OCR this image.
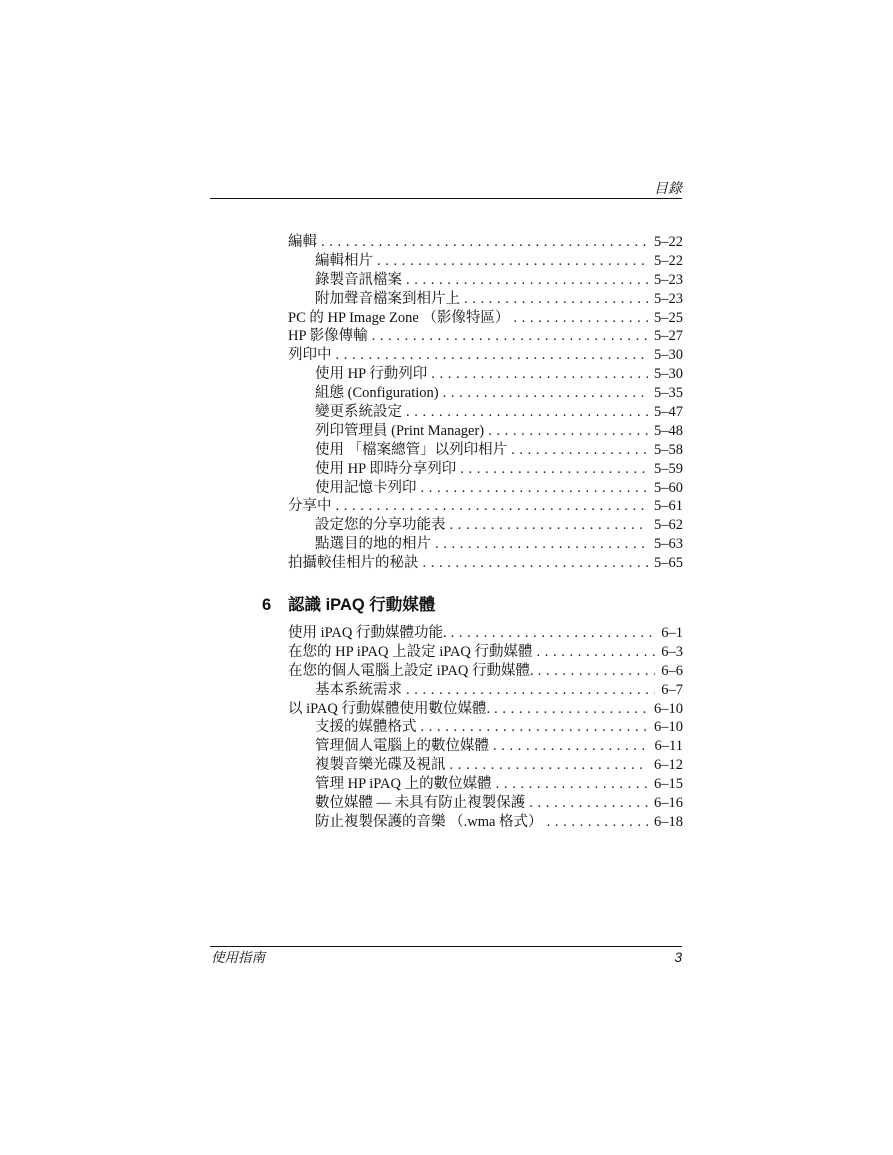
目錄
編輯 . . .	5–22
編輯相片 . . .	5–22
錄製音訊檔案 . . .	5–23
附加聲音檔案到相片上 . . .	5–23
PC 的 HP Image Zone （影像特區） . . .	5–25
HP 影像傳輸 . . .	5–27
列印中 . . .	5–30
使用 HP 行動列印 . . .	5–30
組態 (Configuration) . . .	5–35
變更系統設定 . . .	5–47
列印管理員 (Print Manager) . . .	5–48
使用 「檔案總管」以列印相片 . . .	5–58
使用 HP 即時分享列印 . . .	5–59
使用記憶卡列印 . . .	5–60
分享中 . . .	5–61
設定您的分享功能表 . . .	5–62
點選目的地的相片 . . .	5–63
拍攝較佳相片的秘訣 . . .	5–65
6	認識 iPAQ 行動媒體
使用 iPAQ 行動媒體功能. . . .	6–1
在您的 HP iPAQ 上設定 iPAQ 行動媒體 . . .	6–3
在您的個人電腦上設定 iPAQ 行動媒體. . . .	6–6
基本系統需求 . . .	6–7
以 iPAQ 行動媒體使用數位媒體. . . .	6–10
支援的媒體格式 . . .	6–10
管理個人電腦上的數位媒體 . . .	6–11
複製音樂光碟及視訊 . . .	6–12
管理 HP iPAQ 上的數位媒體 . . .	6–15
數位媒體 — 未具有防止複製保護 . . .	6–16
防止複製保護的音樂 （.wma 格式） . . .	6–18
使用指南	3
